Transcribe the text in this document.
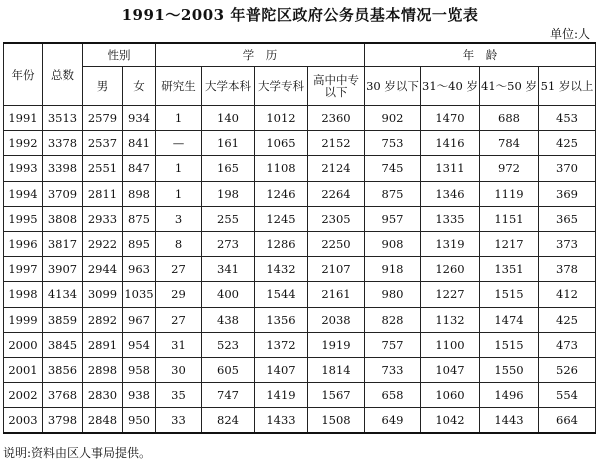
1991～2003 年普陀区政府公务员基本情况一览表
单位:人
年份	总数	性别		学　历				年　龄			
		男	女	研究生	大学本科	大学专科	高中中专以下	30 岁以下	31～40 岁	41～50 岁	51 岁以上
1991	3513	2579	934	1	140	1012	2360	902	1470	688	453
1992	3378	2537	841	—	161	1065	2152	753	1416	784	425
1993	3398	2551	847	1	165	1108	2124	745	1311	972	370
1994	3709	2811	898	1	198	1246	2264	875	1346	1119	369
1995	3808	2933	875	3	255	1245	2305	957	1335	1151	365
1996	3817	2922	895	8	273	1286	2250	908	1319	1217	373
1997	3907	2944	963	27	341	1432	2107	918	1260	1351	378
1998	4134	3099	1035	29	400	1544	2161	980	1227	1515	412
1999	3859	2892	967	27	438	1356	2038	828	1132	1474	425
2000	3845	2891	954	31	523	1372	1919	757	1100	1515	473
2001	3856	2898	958	30	605	1407	1814	733	1047	1550	526
2002	3768	2830	938	35	747	1419	1567	658	1060	1496	554
2003	3798	2848	950	33	824	1433	1508	649	1042	1443	664
说明:资料由区人事局提供。
